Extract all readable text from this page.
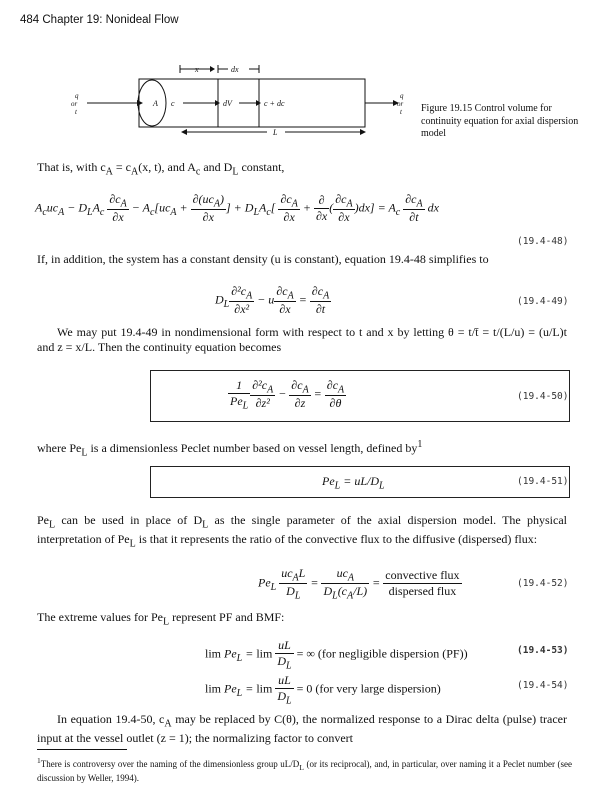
484 Chapter 19: Nonideal Flow
x	dx
L
A c	dV	c + dc
q
or
t
q
or
t Figure 19.15 Control volume for continuity equation for axial dispersion model
That is, with $c_A = c_A(x$, t), and $A_c$ and $D_L$ constant,
$A_cuc_A - D_LA_c \frac{\partial c_A}{\partial x} - A_c[uc_A + \frac{\partial(uc_A)}{\partial x}$ ] + $D_LA_c[ \frac{\partial c_A}{\partial x} + \frac{\partial}{\partial x}$ ( $\frac{\partial c_A}{\partial x} )dx] = A_c \frac{\partial c_A}{\partial t}$ dx
(19.4-48)
If, in addition, the system has a constant density (u is constant), equation 19.4-48 simplifies to
$D_L \frac{\partial^2c_A}{\text{∂x²}} - u \frac{\partial c_A}{\partial x} = \frac{\partial c_A}{\partial t}$	(19.4-49)
We may put 19.4-49 in nondimensional form with respect to t and x by letting θ = t/t̄ = t/(L/u) = (u/L)t and z = x/L. Then the continuity equation becomes
$\frac{1}{Pe_L} \frac{\partial^2c_A}{\text{∂z²}} - \frac{\partial c_A}{\partial z} = \frac{\partial c_A}{\partial\theta}$	(19.4-50)
where $Pe_L$ is a dimensionless Peclet number based on vessel length, defined $by^1$
$Pe_L = uL/D_L$	(19.4-51)
$Pe_L$ can be used in place of $D_L$ as the single parameter of the axial dispersion model. The physical interpretation of $Pe_L$ is that it represents the ratio of the convective flux to the diffusive (dispersed) flux:
$Pe_L \frac{uc_AL}{D_L} = \frac{uc_A}{D_L(c_A/L)} = \frac{\text{convective flux}}{\text{dispersed flux}}$	(19.4-52)
The extreme values for $Pe_L$ represent PF and BMF:
$\lim Pe_L = \lim \frac{uL}{D_L}$ = ∞ (for negligible dispersion (PF))	(19.4-53)
$\lim Pe_L = \lim \frac{uL}{D_L} = 0$ (for very large dispersion)	(19.4-54)
In equation 19.4-50, $c_A$ may be replaced by C(θ), the normalized response to a Dirac delta (pulse) tracer input at the vessel outlet (z = 1); the normalizing factor to convert
$^1$There is controversy over the naming of the dimensionless group $uL/D_L$ (or its reciprocal), and, in particular, over naming it a Peclet number (see discussion by Weller, 1994).
